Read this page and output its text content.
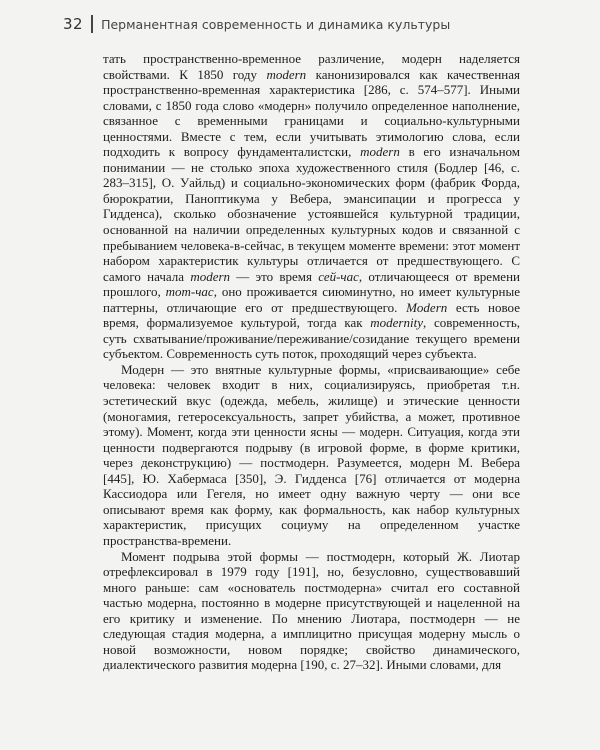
32 Перманентная современность и динамика культуры

тать пространственно-временное различение, модерн наделяется свойствами. К 1850 году modern канонизировался как качественная пространственно-временная характеристика [286, с. 574–577]. Иными словами, с 1850 года слово «модерн» получило определенное наполнение, связанное с временными границами и социально-культурными ценностями. Вместе с тем, если учитывать этимологию слова, если подходить к вопросу фундаменталистски, modern в его изначальном понимании — не столько эпоха художественного стиля (Бодлер [46, с. 283–315], О. Уайльд) и социально-экономических форм (фабрик Форда, бюрократии, Паноптикума у Вебера, эмансипации и прогресса у Гидденса), сколько обозначение устоявшейся культурной традиции, основанной на наличии определенных культурных кодов и связанной с пребыванием человека-в-сейчас, в текущем моменте времени: этот момент набором характеристик культуры отличается от предшествующего. С самого начала modern — это время сей-час, отличающееся от времени прошлого, тот-час, оно проживается сиюминутно, но имеет культурные паттерны, отличающие его от предшествующего. Modern есть новое время, формализуемое культурой, тогда как modernity, современность, суть схватывание/проживание/переживание/созидание текущего времени субъектом. Современность суть поток, проходящий через субъекта.

Модерн — это внятные культурные формы, «присваивающие» себе человека: человек входит в них, социализируясь, приобретая т.н. эстетический вкус (одежда, мебель, жилище) и этические ценности (моногамия, гетеросексуальность, запрет убийства, а может, противное этому). Момент, когда эти ценности ясны — модерн. Ситуация, когда эти ценности подвергаются подрыву (в игровой форме, в форме критики, через деконструкцию) — постмодерн. Разумеется, модерн М. Вебера [445], Ю. Хабермаса [350], Э. Гидденса [76] отличается от модерна Кассиодора или Гегеля, но имеет одну важную черту — они все описывают время как форму, как формальность, как набор культурных характеристик, присущих социуму на определенном участке пространства-времени.

Момент подрыва этой формы — постмодерн, который Ж. Лиотар отрефлексировал в 1979 году [191], но, безусловно, существовавший много раньше: сам «основатель постмодерна» считал его составной частью модерна, постоянно в модерне присутствующей и нацеленной на его критику и изменение. По мнению Лиотара, постмодерн — не следующая стадия модерна, а имплицитно присущая модерну мысль о новой возможности, новом порядке; свойство динамического, диалектического развития модерна [190, с. 27–32]. Иными словами, для
